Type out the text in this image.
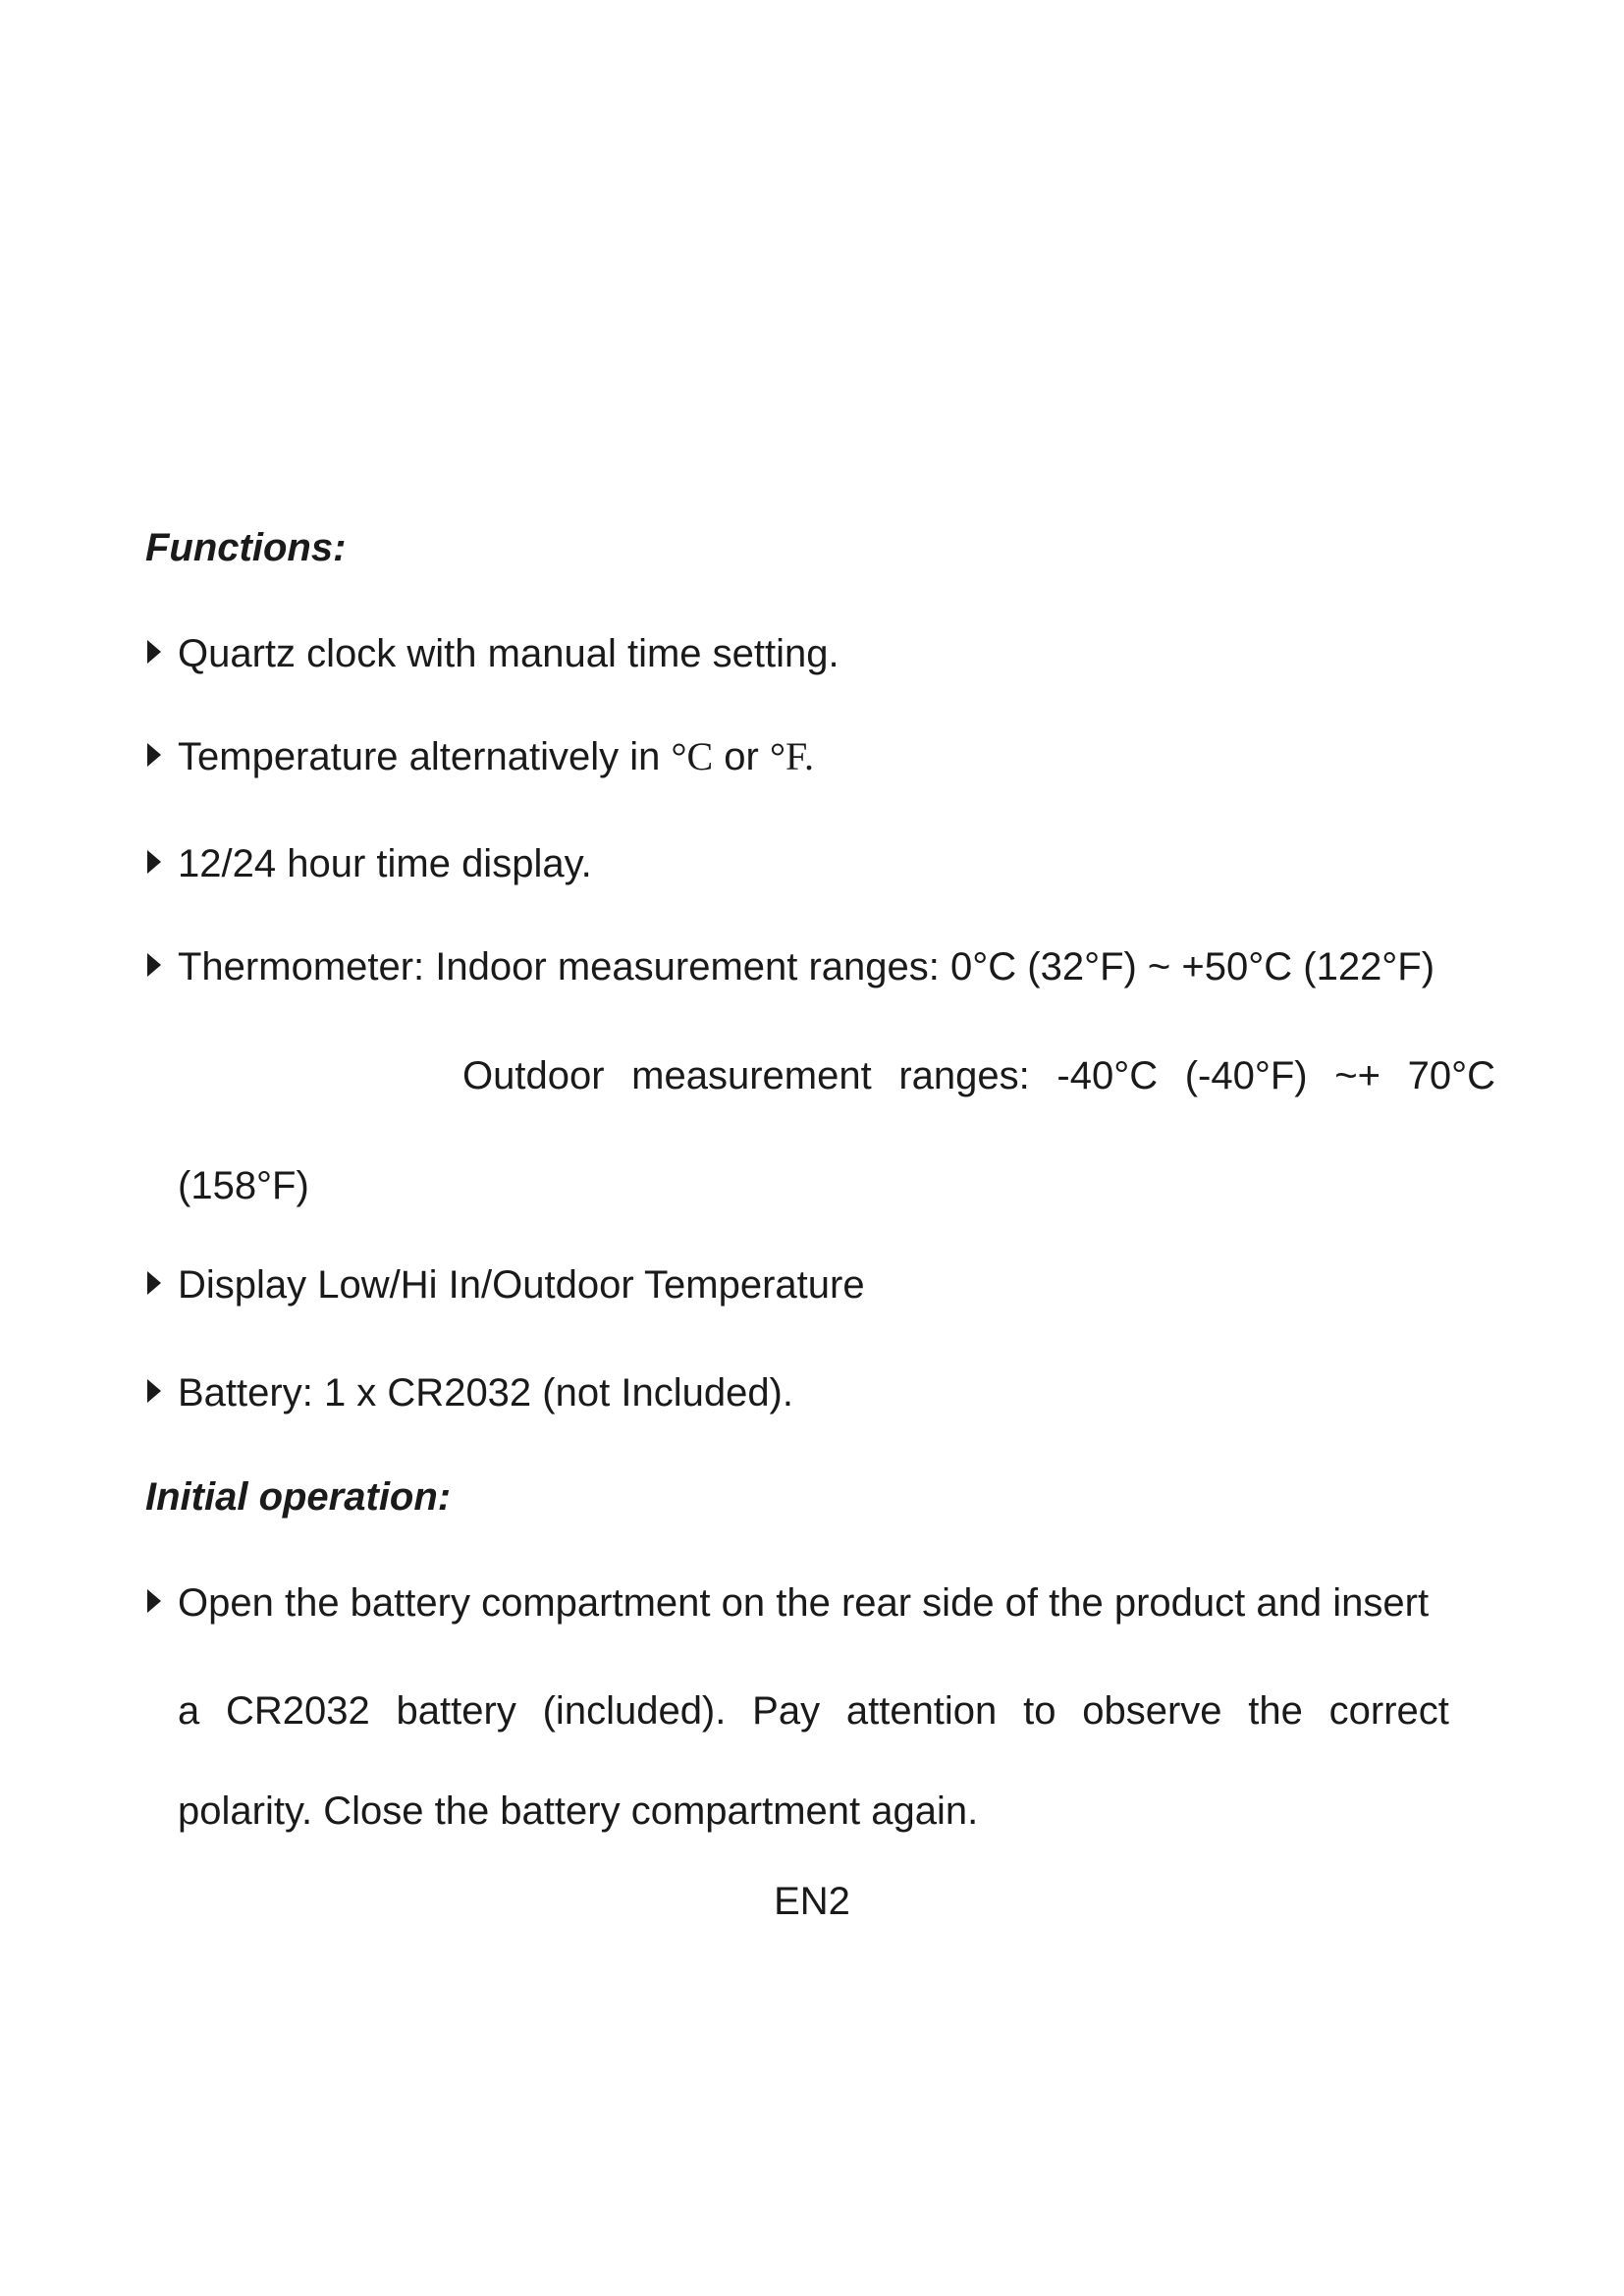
Functions:
Quartz clock with manual time setting.
Temperature alternatively in °C or °F.
12/24 hour time display.
Thermometer: Indoor measurement ranges: 0°C (32°F) ~ +50°C (122°F)
Outdoor measurement ranges: -40°C (-40°F) ~+ 70°C
(158°F)
Display Low/Hi In/Outdoor Temperature
Battery: 1 x CR2032 (not Included).
Initial operation:
Open the battery compartment on the rear side of the product and insert
a CR2032 battery (included). Pay attention to observe the correct
polarity. Close the battery compartment again.
EN2
